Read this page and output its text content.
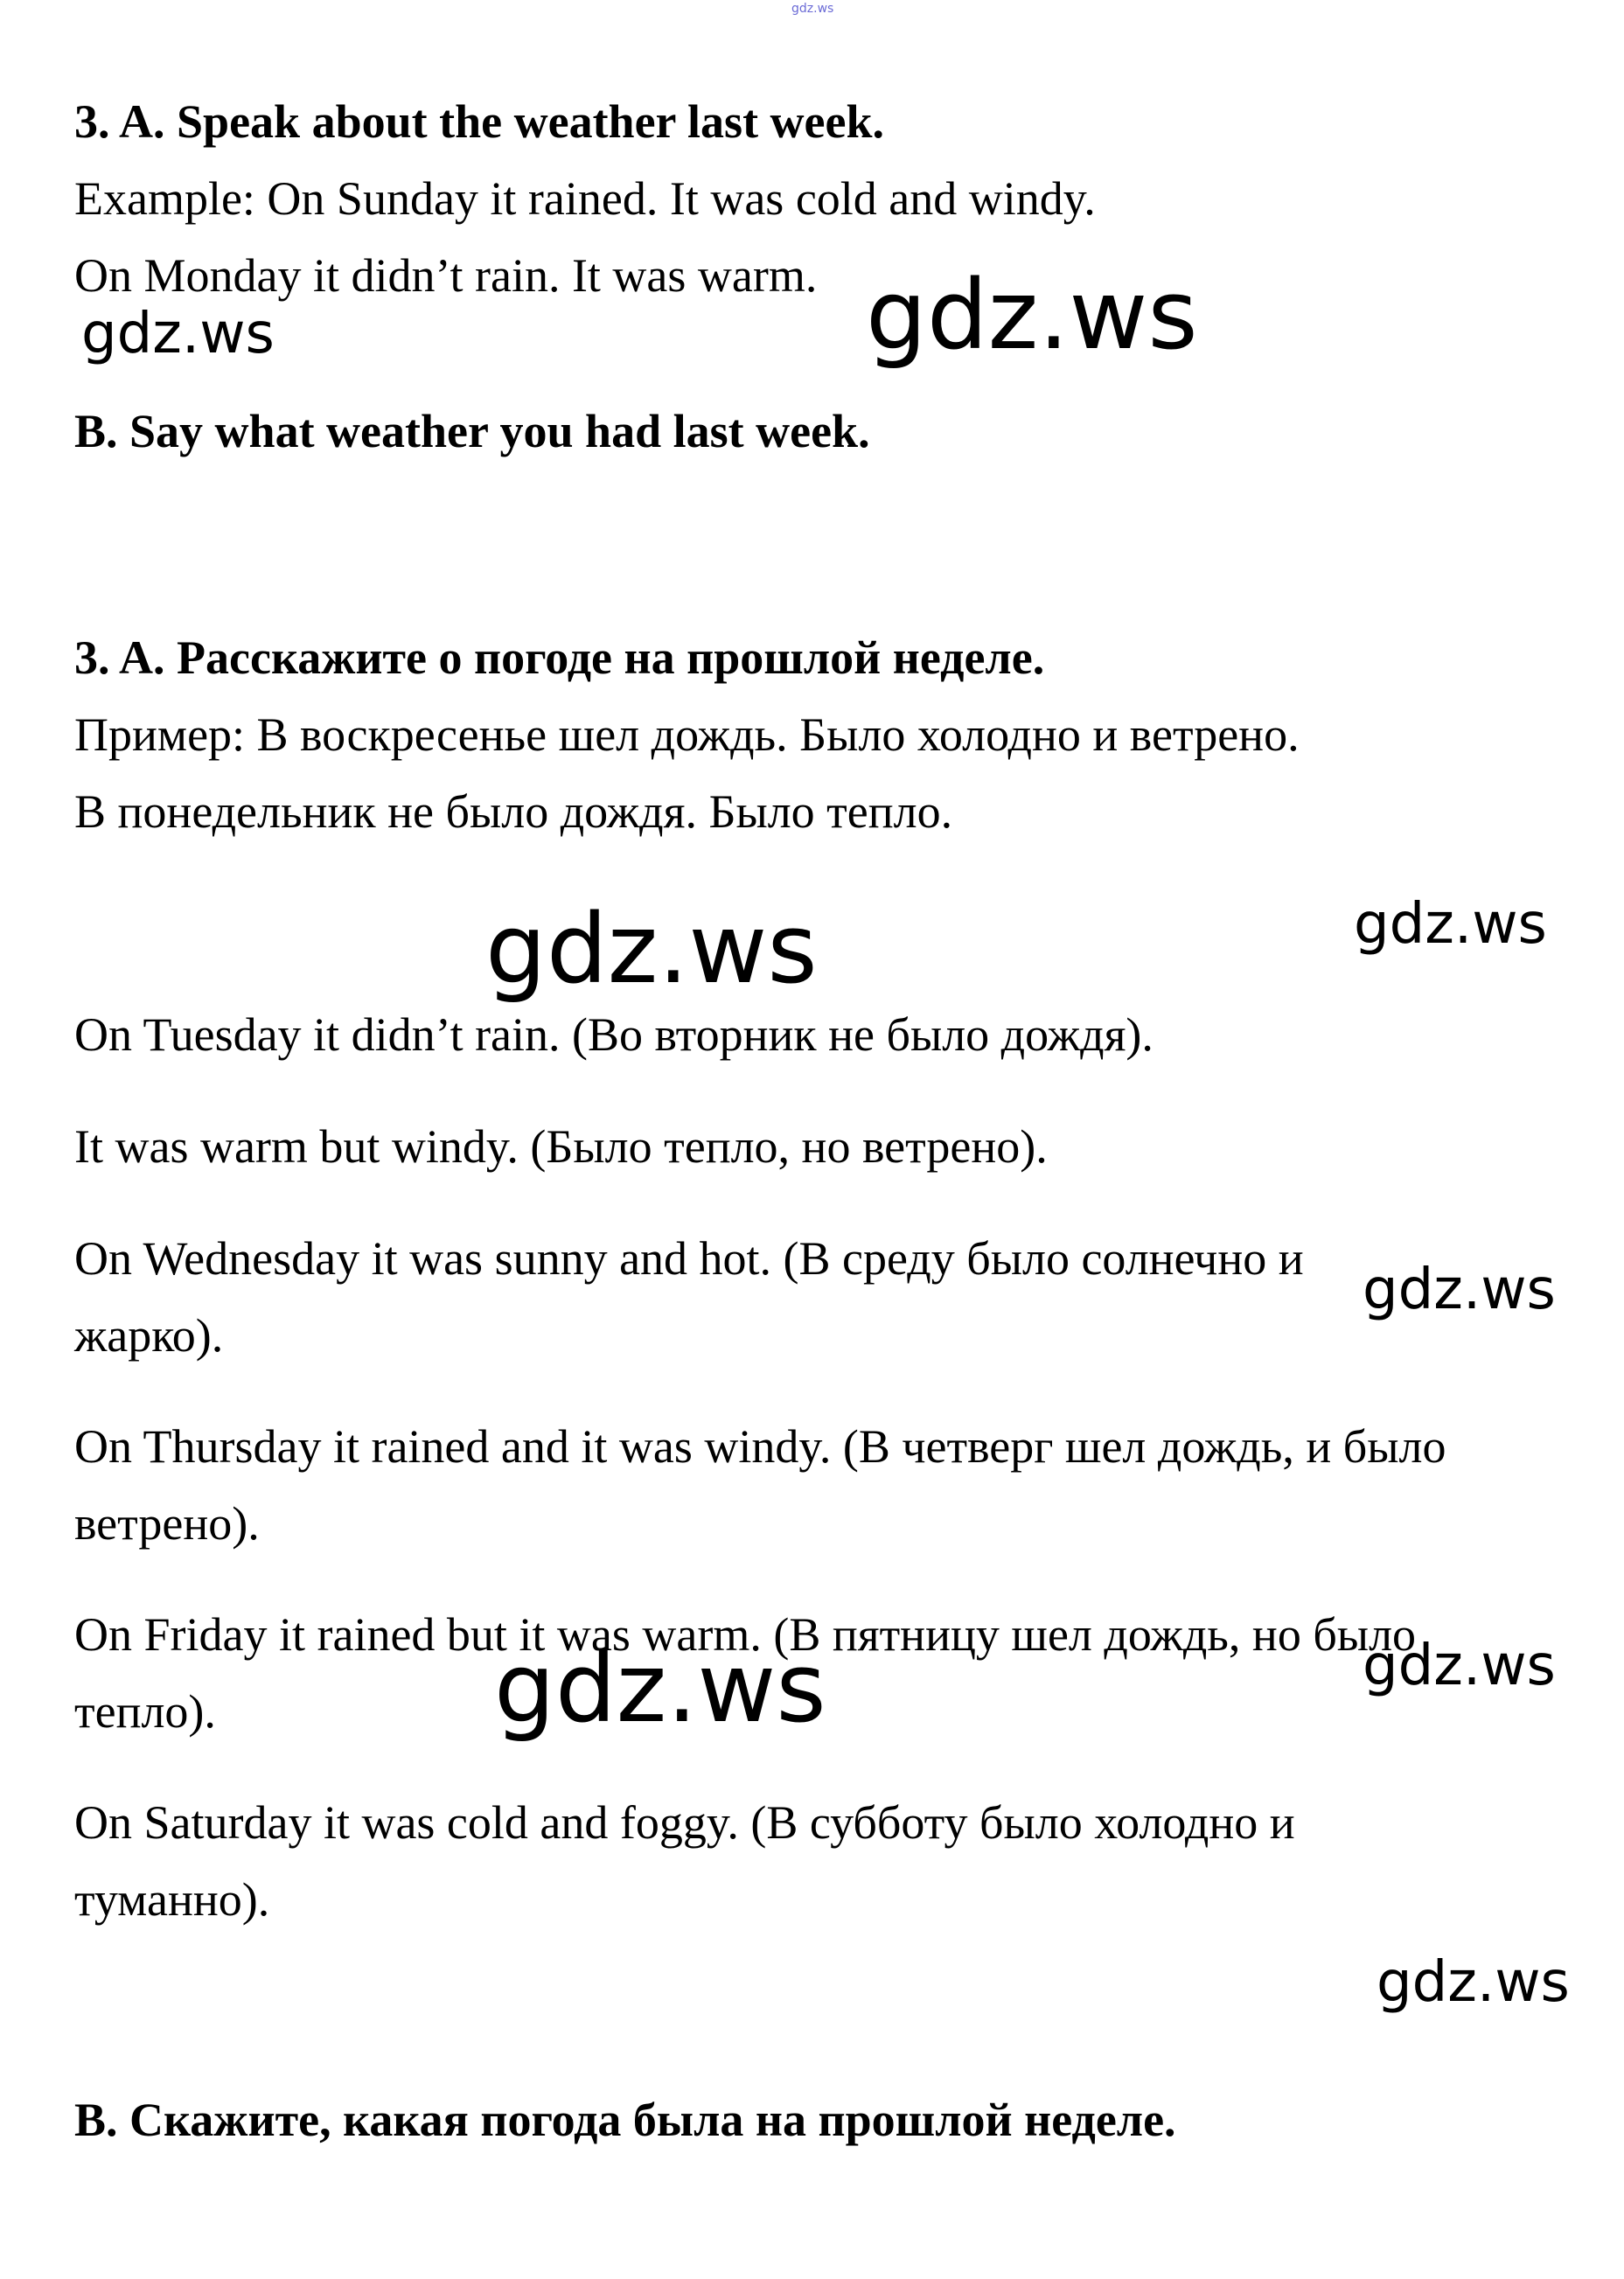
gdz.ws
3. A. Speak about the weather last week.
Example: On Sunday it rained. It was cold and windy.
On Monday it didn’t rain. It was warm.
B. Say what weather you had last week.
3. A. Расскажите о погоде на прошлой неделе.
Пример: В воскресенье шел дождь. Было холодно и ветрено.
В понедельник не было дождя. Было тепло.
On Tuesday it didn’t rain. (Во вторник не было дождя).
It was warm but windy. (Было тепло, но ветрено).
On Wednesday it was sunny and hot. (В среду было солнечно и
жарко).
On Thursday it rained and it was windy. (В четверг шел дождь, и было
ветрено).
On Friday it rained but it was warm. (В пятницу шел дождь, но было
тепло).
On Saturday it was cold and foggy. (В субботу было холодно и
туманно).
B. Скажите, какая погода была на прошлой неделе.
gdz.ws	gdz.ws
gdz.ws	gdz.ws
gdz.ws
gdz.ws
gdz.ws
gdz.ws
